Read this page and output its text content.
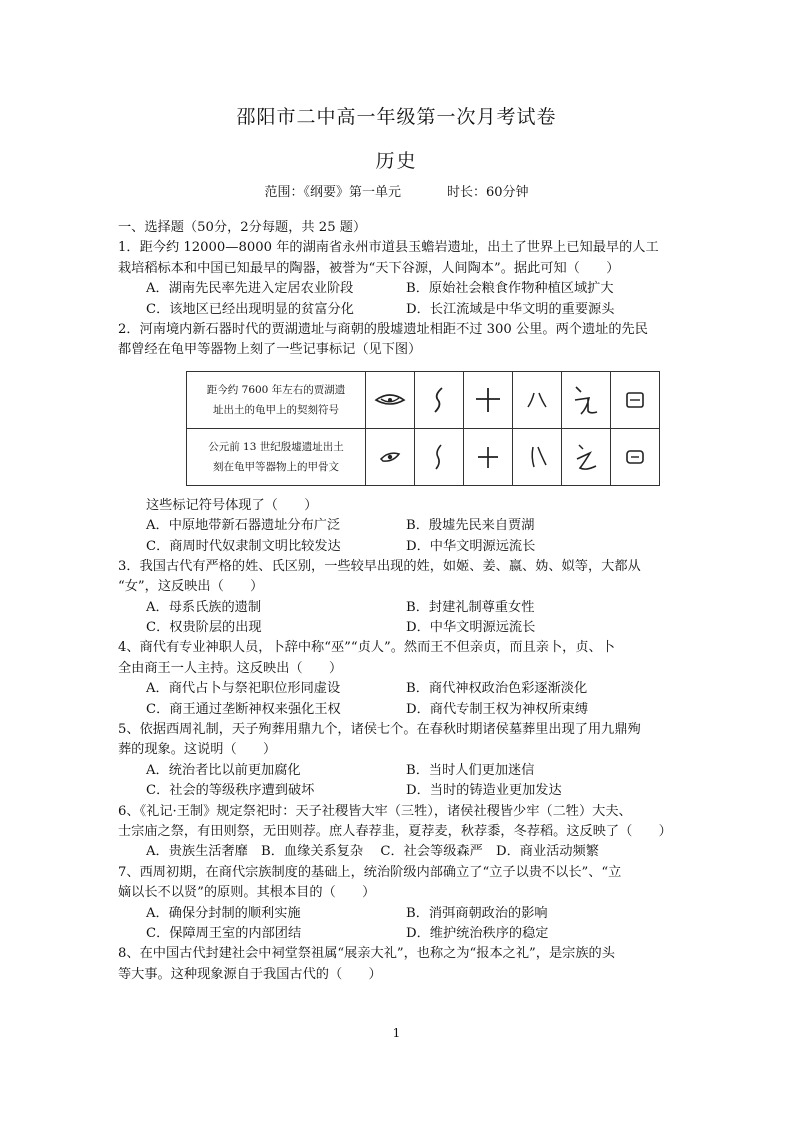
邵阳市二中高一年级第一次月考试卷
历史
范围：《纲要》第一单元	时长：60分钟
一、选择题（50分，2分每题，共 25 题）
1．距今约 12000—8000 年的湖南省永州市道县玉蟾岩遗址，出土了世界上已知最早的人工
栽培稻标本和中国已知最早的陶器，被誉为“天下谷源，人间陶本”。据此可知（　　）
A．湖南先民率先进入定居农业阶段	B．原始社会粮食作物种植区域扩大
C．该地区已经出现明显的贫富分化	D．长江流域是中华文明的重要源头
2．河南境内新石器时代的贾湖遗址与商朝的殷墟遗址相距不过 300 公里。两个遗址的先民
都曾经在龟甲等器物上刻了一些记事标记（见下图）
距今约 7600 年左右的贾湖遗
址出土的龟甲上的契刻符号

公元前 13 世纪殷墟遗址出土
刻在龟甲等器物上的甲骨文

这些标记符号体现了（　　）
A．中原地带新石器遗址分布广泛	B．殷墟先民来自贾湖
C．商周时代奴隶制文明比较发达	D．中华文明源远流长
3．我国古代有严格的姓、氏区别，一些较早出现的姓，如姬、姜、嬴、妫、姒等，大都从
“女”，这反映出（　　）
A．母系氏族的遗制	B．封建礼制尊重女性
C．权贵阶层的出现	D．中华文明源远流长
4、商代有专业神职人员，卜辞中称“巫”“贞人”。然而王不但亲贞，而且亲卜，贞、卜
全由商王一人主持。这反映出（　　）
A．商代占卜与祭祀职位形同虚设	B．商代神权政治色彩逐渐淡化
C．商王通过垄断神权来强化王权	D．商代专制王权为神权所束缚
5、依据西周礼制，天子殉葬用鼎九个，诸侯七个。在春秋时期诸侯墓葬里出现了用九鼎殉
葬的现象。这说明（　　）
A．统治者比以前更加腐化	B．当时人们更加迷信
C．社会的等级秩序遭到破坏	D．当时的铸造业更加发达
6、《礼记·王制》规定祭祀时：天子社稷皆大牢（三牲），诸侯社稷皆少牢（二牲）大夫、
士宗庙之祭，有田则祭，无田则荐。庶人春荐韭，夏荐麦，秋荐黍，冬荐稻。这反映了（　　）
A．贵族生活奢靡　B．血缘关系复杂　 C．社会等级森严　D．商业活动频繁
7、西周初期，在商代宗族制度的基础上，统治阶级内部确立了“立子以贵不以长”、“立
嫡以长不以贤”的原则。其根本目的（　　）
A．确保分封制的顺利实施	B．消弭商朝政治的影响
C．保障周王室的内部团结	D．维护统治秩序的稳定
8、在中国古代封建社会中祠堂祭祖属“展亲大礼”，也称之为“报本之礼”，是宗族的头
等大事。这种现象源自于我国古代的（　　）
1
